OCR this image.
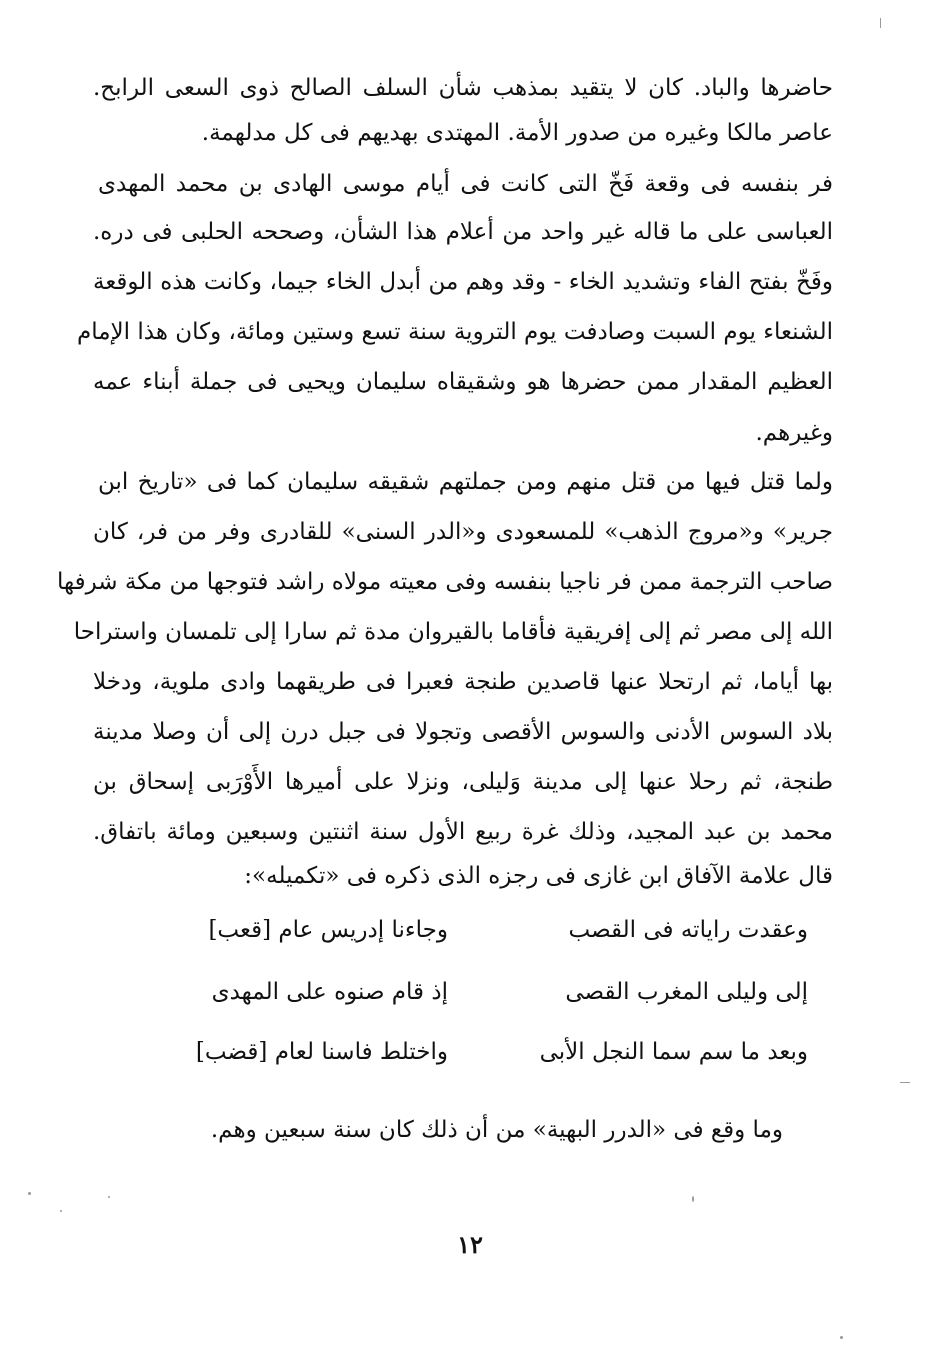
حاضرها والباد. كان لا يتقيد بمذهب شأن السلف الصالح ذوى السعى الرابح.
عاصر مالكا وغيره من صدور الأمة. المهتدى بهديهم فى كل مدلهمة.
فر بنفسه فى وقعة فَخّ التى كانت فى أيام موسى الهادى بن محمد المهدى
العباسى على ما قاله غير واحد من أعلام هذا الشأن، وصححه الحلبى فى دره.
وفَخّ بفتح الفاء وتشديد الخاء - وقد وهم من أبدل الخاء جيما، وكانت هذه الوقعة
الشنعاء يوم السبت وصادفت يوم التروية سنة تسع وستين ومائة، وكان هذا الإمام
العظيم المقدار ممن حضرها هو وشقيقاه سليمان ويحيى فى جملة أبناء عمه
وغيرهم.
ولما قتل فيها من قتل منهم ومن جملتهم شقيقه سليمان كما فى «تاريخ ابن
جرير» و«مروج الذهب» للمسعودى و«الدر السنى» للقادرى وفر من فر، كان
صاحب الترجمة ممن فر ناجيا بنفسه وفى معيته مولاه راشد فتوجها من مكة شرفها
الله إلى مصر ثم إلى إفريقية فأقاما بالقيروان مدة ثم سارا إلى تلمسان واستراحا
بها أياما، ثم ارتحلا عنها قاصدين طنجة فعبرا فى طريقهما وادى ملوية، ودخلا
بلاد السوس الأدنى والسوس الأقصى وتجولا فى جبل درن إلى أن وصلا مدينة
طنجة، ثم رحلا عنها إلى مدينة وَليلى، ونزلا على أميرها الأَوْرَبى إسحاق بن
محمد بن عبد المجيد، وذلك غرة ربيع الأول سنة اثنتين وسبعين ومائة باتفاق.
قال علامة الآفاق ابن غازى فى رجزه الذى ذكره فى «تكميله»:
وعقدت راياته فى القصب
وجاءنا إدريس عام [قعب]
إلى وليلى المغرب القصى
إذ قام صنوه على المهدى
وبعد ما سم سما النجل الأبى
واختلط فاسنا لعام [قضب]
وما وقع فى «الدرر البهية» من أن ذلك كان سنة سبعين وهم.
١٢
